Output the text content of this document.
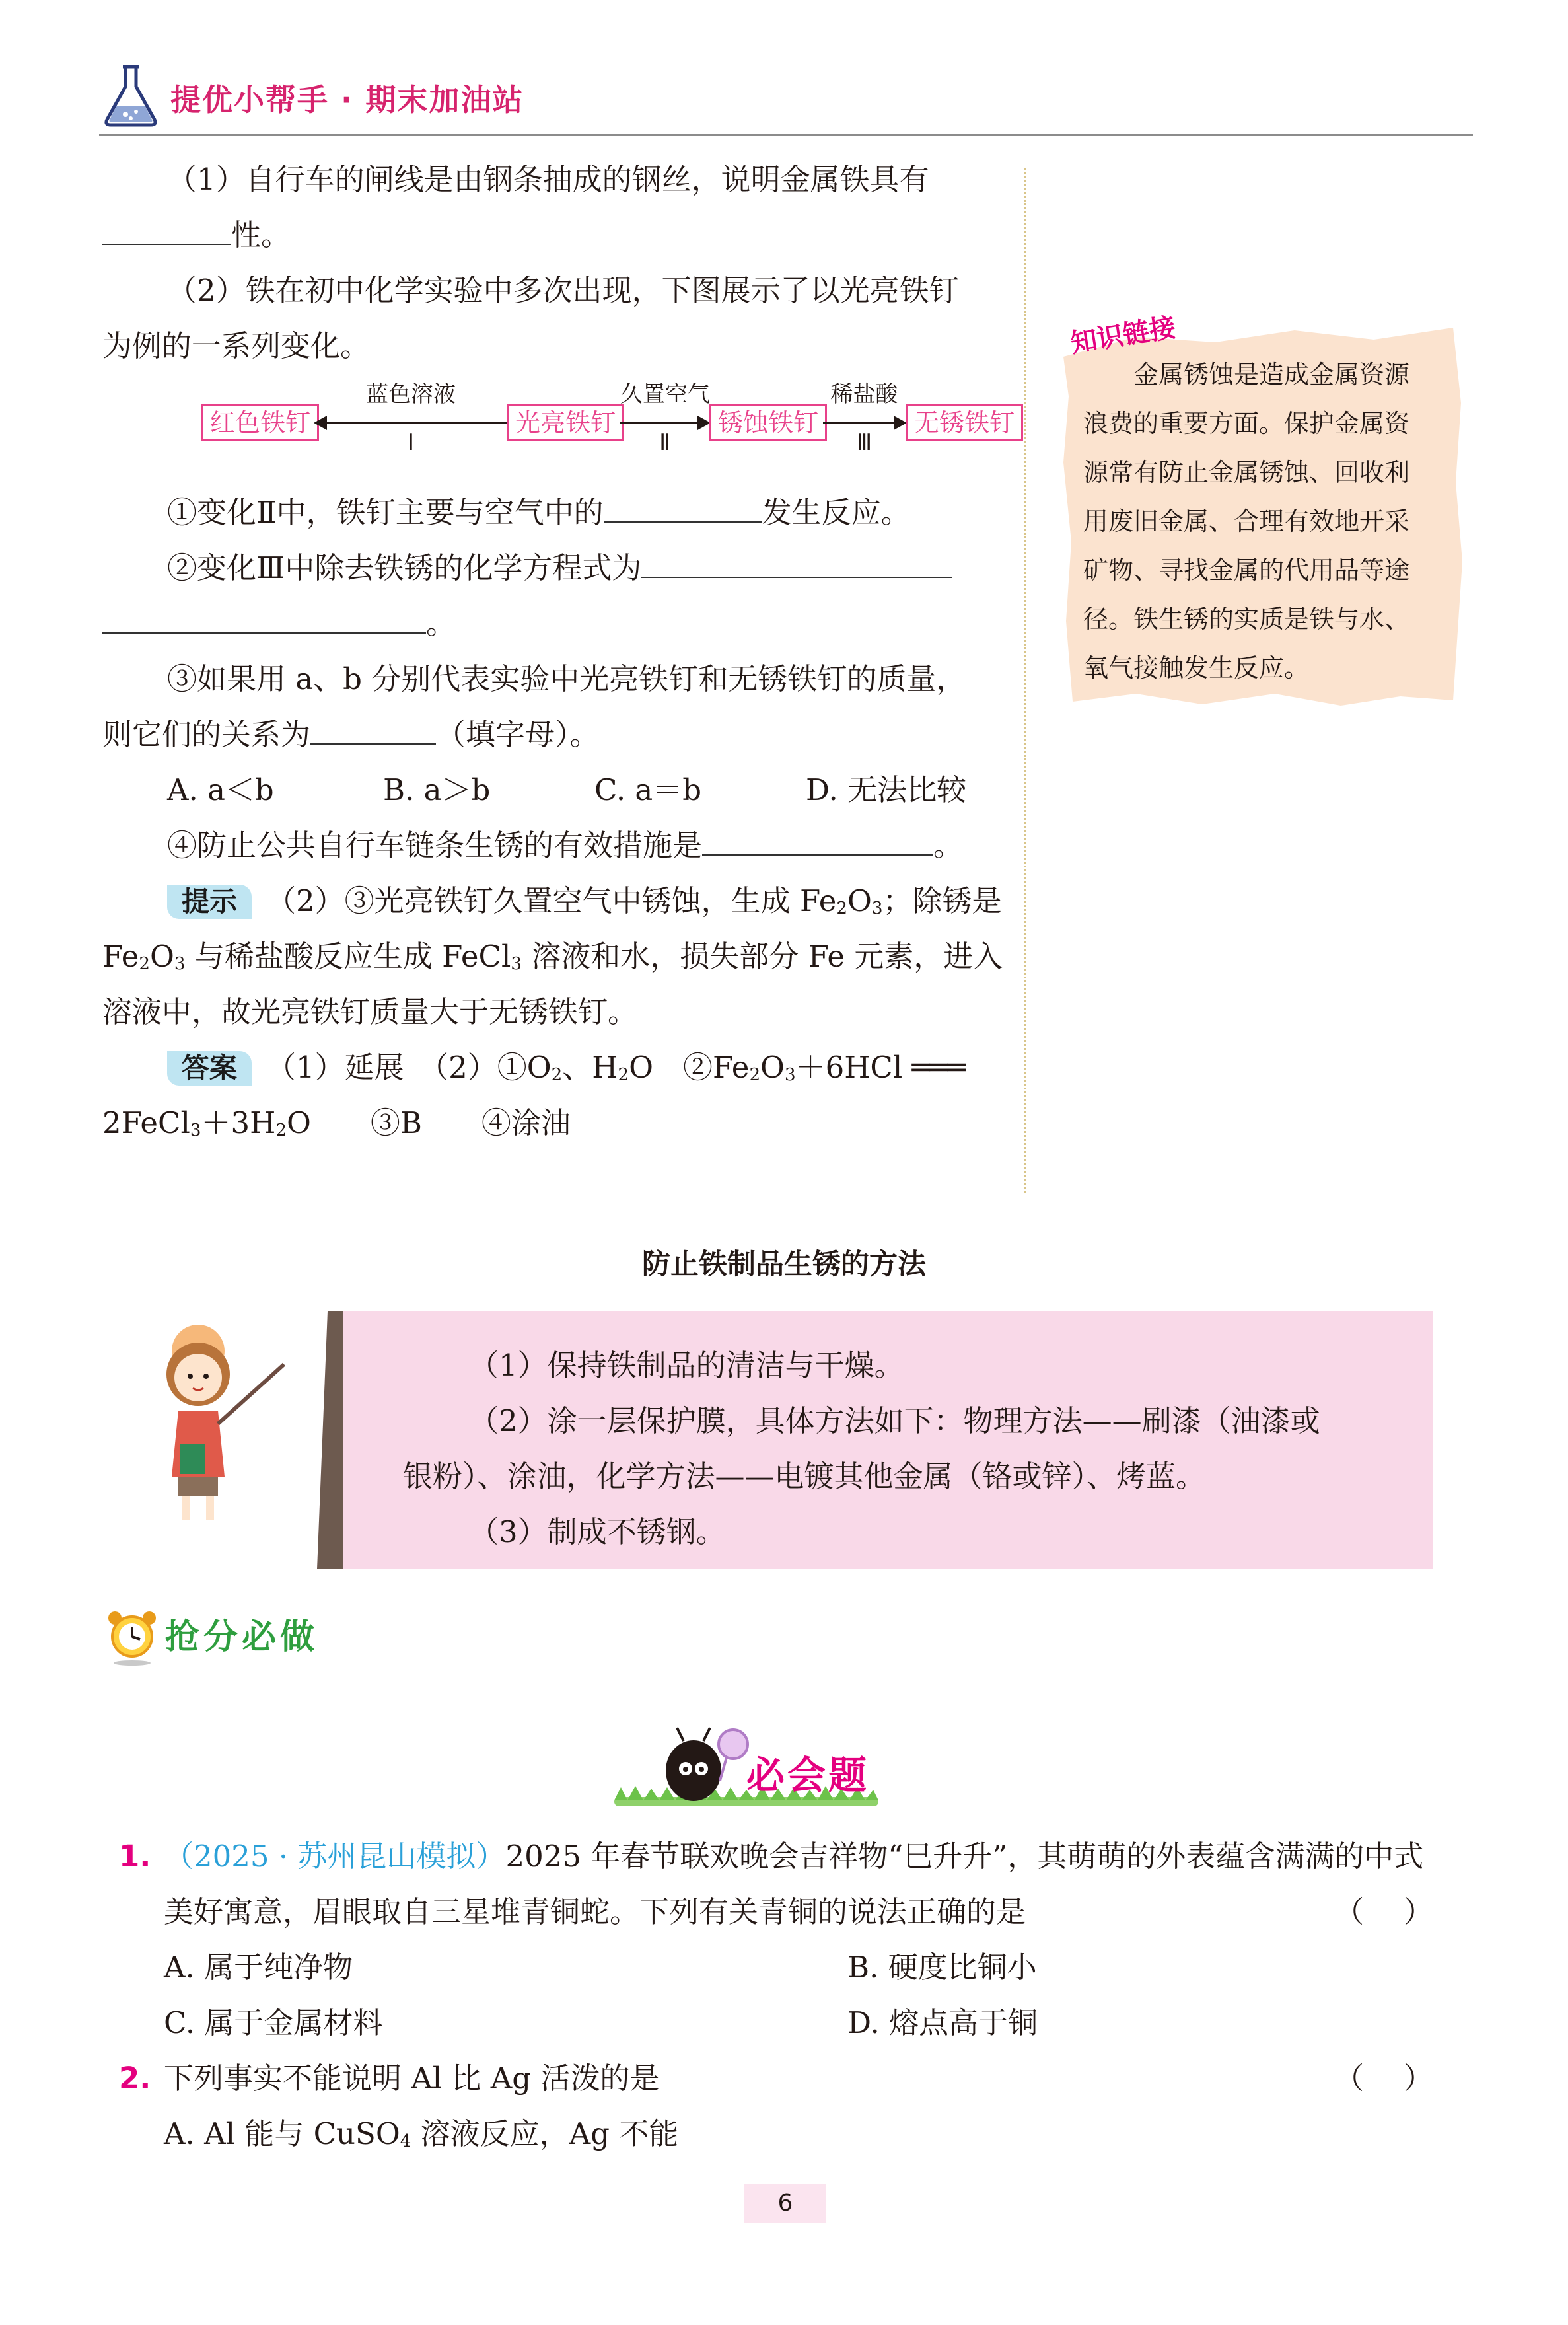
提优小帮手 · 期末加油站

（1）自行车的闸线是由钢条抽成的钢丝，说明金属铁具有

性。

（2）铁在初中化学实验中多次出现，下图展示了以光亮铁钉

为例的一系列变化。

红色铁钉
蓝色溶液
Ⅰ
光亮铁钉
久置空气
Ⅱ
锈蚀铁钉
稀盐酸
Ⅲ
无锈铁钉

①变化Ⅱ中，铁钉主要与空气中的	发生反应。

②变化Ⅲ中除去铁锈的化学方程式为

。

③如果用 a、b 分别代表实验中光亮铁钉和无锈铁钉的质量，

则它们的关系为	（填字母）。

A. a＜b	B. a＞b	C. a＝b	D. 无法比较

④防止公共自行车链条生锈的有效措施是	。

提示 （2）③光亮铁钉久置空气中锈蚀，生成 $Fe_2O_3$；除锈是

$Fe_2O_3$ 与稀盐酸反应生成 FeCl$_3$ 溶液和水，损失部分 Fe 元素，进入

溶液中，故光亮铁钉质量大于无锈铁钉。

答案 （1）延展　$(2)①O_2$、$H_2O$　$②Fe_2O_3+6HCl$ ═══

$2FeCl_3+3H_2O$　　③B　　④涂油

知识链接

　　金属锈蚀是造成金属资源

浪费的重要方面。保护金属资

源常有防止金属锈蚀、回收利

用废旧金属、合理有效地开采

矿物、寻找金属的代用品等途

径。铁生锈的实质是铁与水、

氧气接触发生反应。

防止铁制品生锈的方法

（1）保持铁制品的清洁与干燥。

（2）涂一层保护膜，具体方法如下：物理方法——刷漆（油漆或

银粉）、涂油，化学方法——电镀其他金属（铬或锌）、烤蓝。

（3）制成不锈钢。

抢分必做
必会题
1. （2025 · 苏州昆山模拟）2025 年春节联欢晚会吉祥物“巳升升”，其萌萌的外表蕴含满满的中式
美好寓意，眉眼取自三星堆青铜蛇。下列有关青铜的说法正确的是	（）
A. 属于纯净物	B. 硬度比铜小
C. 属于金属材料	D. 熔点高于铜
2. 下列事实不能说明 Al 比 Ag 活泼的是	（）
A. Al 能与 CuSO$_4$ 溶液反应，Ag 不能
6
